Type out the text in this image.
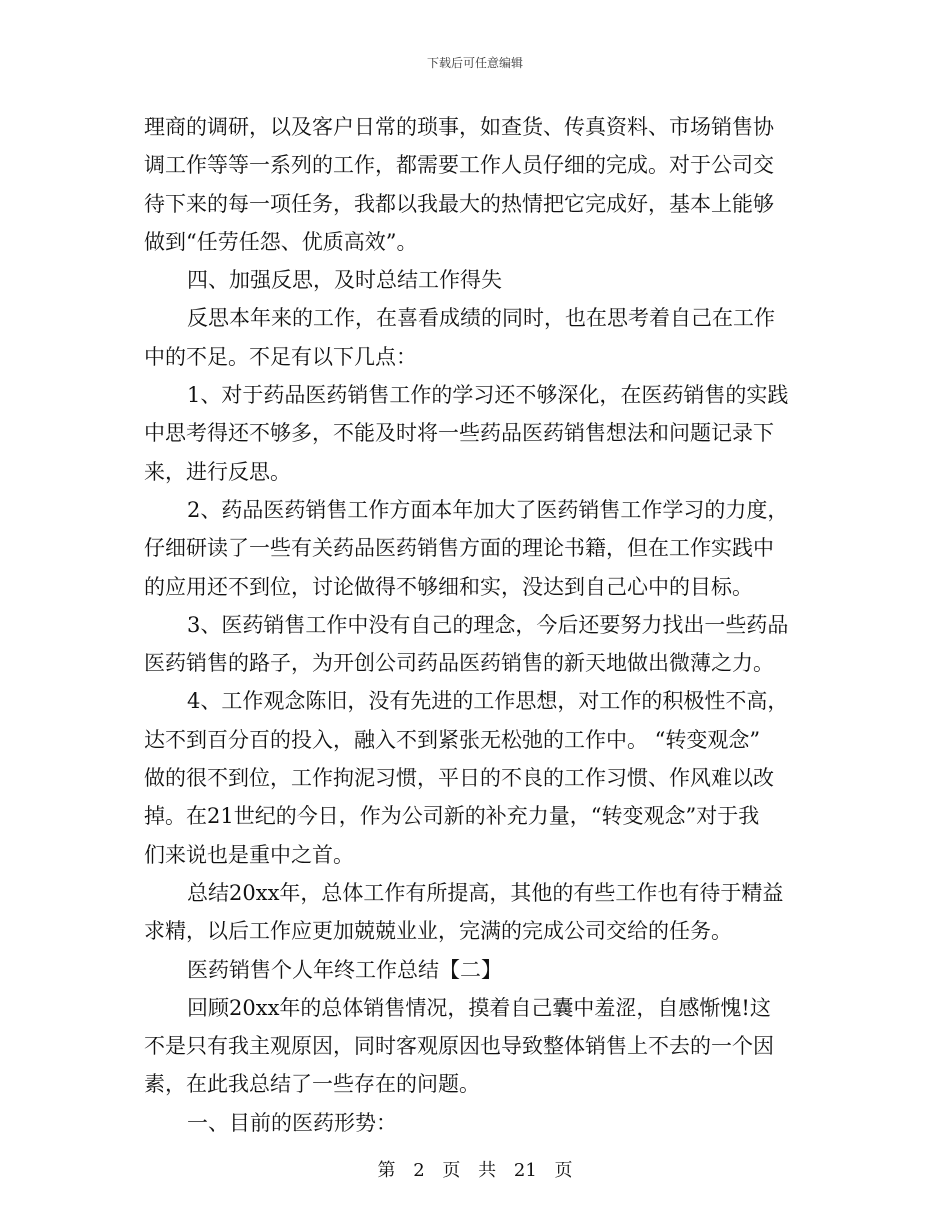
下载后可任意编辑
理商的调研，以及客户日常的琐事，如查货、传真资料、市场销售协
调工作等等一系列的工作，都需要工作人员仔细的完成。对于公司交
待下来的每一项任务，我都以我最大的热情把它完成好，基本上能够
做到“任劳任怨、优质高效”。
四、加强反思，及时总结工作得失
反思本年来的工作，在喜看成绩的同时，也在思考着自己在工作
中的不足。不足有以下几点：
1、对于药品医药销售工作的学习还不够深化，在医药销售的实践
中思考得还不够多，不能及时将一些药品医药销售想法和问题记录下
来，进行反思。
2、药品医药销售工作方面本年加大了医药销售工作学习的力度，
仔细研读了一些有关药品医药销售方面的理论书籍，但在工作实践中
的应用还不到位，讨论做得不够细和实，没达到自己心中的目标。
3、医药销售工作中没有自己的理念，今后还要努力找出一些药品
医药销售的路子，为开创公司药品医药销售的新天地做出微薄之力。
4、工作观念陈旧，没有先进的工作思想，对工作的积极性不高，
达不到百分百的投入，融入不到紧张无松弛的工作中。 “转变观念”
做的很不到位，工作拘泥习惯，平日的不良的工作习惯、作风难以改
掉。在21世纪的今日，作为公司新的补充力量，“转变观念”对于我
们来说也是重中之首。
总结20xx年，总体工作有所提高，其他的有些工作也有待于精益
求精，以后工作应更加兢兢业业，完满的完成公司交给的任务。
医药销售个人年终工作总结【二】
回顾20xx年的总体销售情况，摸着自己囊中羞涩，自感惭愧!这
不是只有我主观原因，同时客观原因也导致整体销售上不去的一个因
素，在此我总结了一些存在的问题。
一、目前的医药形势：
第 2 页 共 21 页
